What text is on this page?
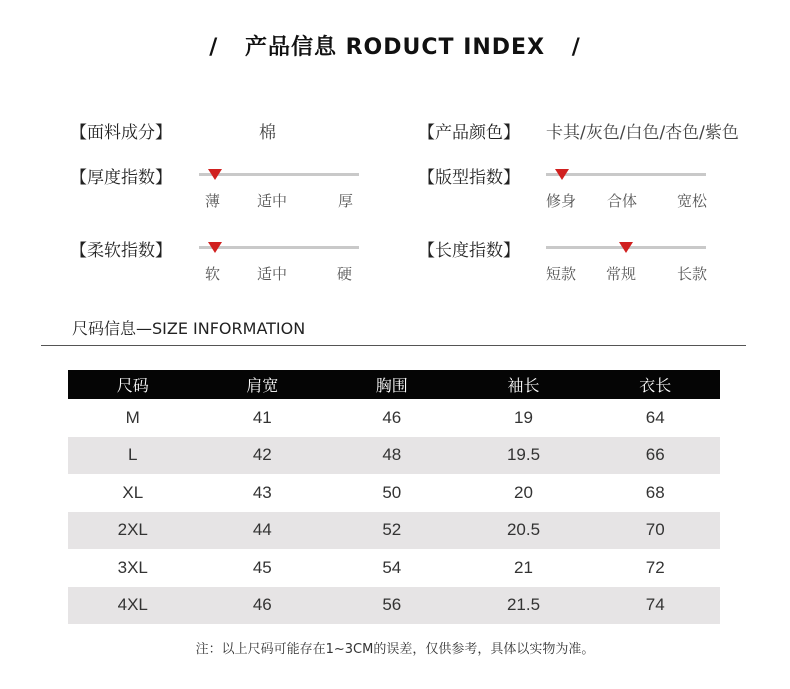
/ 产品信息 RODUCT INDEX /
【面料成分】	棉	【产品颜色】 卡其/灰色/白色/杏色/紫色
【厚度指数】
薄 适中	厚
【版型指数】
修身 合体	宽松
【柔软指数】
软 适中	硬
【长度指数】
短款 常规	长款
尺码信息—SIZE INFORMATION
尺码	肩宽	胸围	袖长	衣长
M	41	46	19	64
L	42	48	19.5	66
XL	43	50	20	68
2XL	44	52	20.5	70
3XL	45	54	21	72
4XL	46	56	21.5	74
注：以上尺码可能存在1~3CM的误差，仅供参考，具体以实物为准。
